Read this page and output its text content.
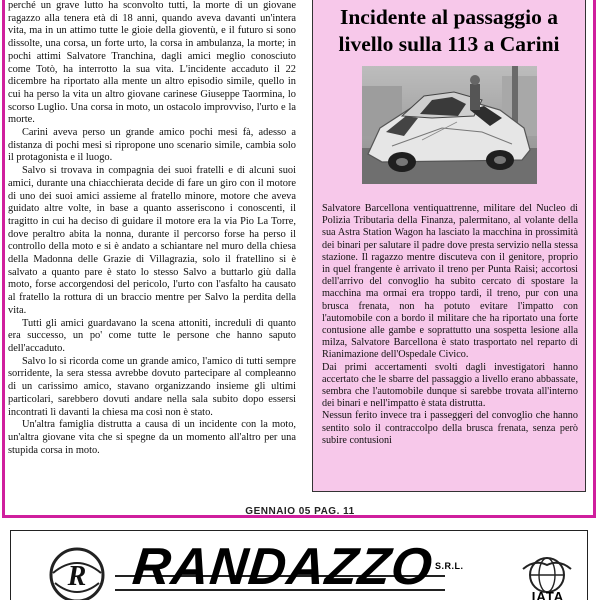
perché un grave lutto ha sconvolto tutti, la morte di un giovane ragazzo alla tenera età di 18 anni, quando aveva davanti un'intera vita, ma in un attimo tutte le gioie della gioventù, e il futuro si sono dissolte, una corsa, un forte urto, la corsa in ambulanza, la morte; in pochi attimi Salvatore Tranchina, dagli amici meglio conosciuto come Totò, ha interrotto la sua vita. L'incidente accaduto il 22 dicembre ha riportato alla mente un altro episodio simile, quello in cui ha perso la vita un altro giovane carinese Giuseppe Taormina, lo scorso Luglio. Una corsa in moto, un ostacolo improvviso, l'urto e la morte.

Carini aveva perso un grande amico pochi mesi fà, adesso a distanza di pochi mesi si ripropone uno scenario simile, cambia solo il protagonista e il luogo.

Salvo si trovava in compagnia dei suoi fratelli e di alcuni suoi amici, durante una chiacchierata decide di fare un giro con il motore di uno dei suoi amici assieme al fratello minore, motore che aveva guidato altre volte, in base a quanto asseriscono i conoscenti, il tragitto in cui ha deciso di guidare il motore era la via Pio La Torre, dove peraltro abita la nonna, durante il percorso forse ha perso il controllo della moto e si è andato a schiantare nel muro della chiesa della Madonna delle Grazie di Villagrazia, solo il fratellino si è salvato a quanto pare è stato lo stesso Salvo a buttarlo giù dalla moto, forse accorgendosi del pericolo, l'urto con l'asfalto ha causato al fratello la rottura di un braccio mentre per Salvo la perdita della vita.

Tutti gli amici guardavano la scena attoniti, increduli di quanto era successo, un po' come tutte le persone che hanno saputo dell'accaduto.

Salvo lo si ricorda come un grande amico, l'amico di tutti sempre sorridente, la sera stessa avrebbe dovuto partecipare al compleanno di un carissimo amico, stavano organizzando insieme gli ultimi particolari, sarebbero dovuti andare nella sala subito dopo essersi incontrati lì davanti la chiesa ma così non è stato.

Un'altra famiglia distrutta a causa di un incidente con la moto, un'altra giovane vita che si spegne da un momento all'altro per una stupida corsa in moto.

Incidente al passaggio a livello sulla 113 a Carini

Salvatore Barcellona ventiquattrenne, militare del Nucleo di Polizia Tributaria della Finanza, palermitano, al volante della sua Astra Station Wagon ha lasciato la macchina in prossimità dei binari per salutare il padre dove presta servizio nella stessa stazione. Il ragazzo mentre discuteva con il genitore, proprio in quel frangente è arrivato il treno per Punta Raisi; accortosi dell'arrivo del convoglio ha subito cercato di spostare la macchina ma ormai era troppo tardi, il treno, pur con una brusca frenata, non ha potuto evitare l'impatto con l'automobile con a bordo il militare che ha riportato una forte contusione alle gambe e soprattutto una sospetta lesione alla milza, Salvatore Barcellona è stato trasportato nel reparto di Rianimazione dell'Ospedale Civico.

Dai primi accertamenti svolti dagli investigatori hanno accertato che le sbarre del passaggio a livello erano abbassate, sembra che l'automobile dunque si sarebbe trovata all'interno dei binari e nell'impatto è stata distrutta.

Nessun ferito invece tra i passeggeri del convoglio che hanno sentito solo il contraccolpo della brusca frenata, senza però subire contusioni

GENNAIO 05 PAG. 11
R RANDAZZO S.R.L.
IATA
